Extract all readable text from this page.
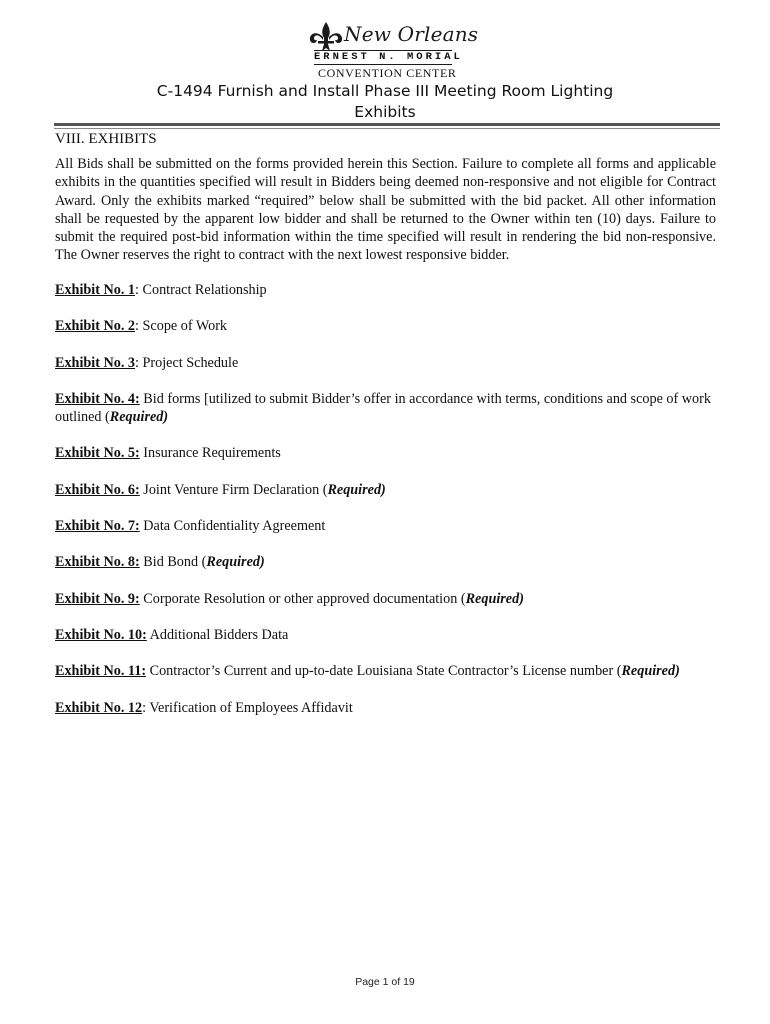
New Orleans
ERNEST N. MORIAL
CONVENTION CENTER
C-1494 Furnish and Install Phase III Meeting Room Lighting
Exhibits
VIII. EXHIBITS
All Bids shall be submitted on the forms provided herein this Section. Failure to complete all forms and applicable exhibits in the quantities specified will result in Bidders being deemed non-responsive and not eligible for Contract Award. Only the exhibits marked “required” below shall be submitted with the bid packet. All other information shall be requested by the apparent low bidder and shall be returned to the Owner within ten (10) days. Failure to submit the required post-bid information within the time specified will result in rendering the bid non-responsive. The Owner reserves the right to contract with the next lowest responsive bidder.

Exhibit No. 1: Contract Relationship

Exhibit No. 2: Scope of Work

Exhibit No. 3: Project Schedule

Exhibit No. 4: Bid forms [utilized to submit Bidder’s offer in accordance with terms, conditions and scope of work outlined (Required)

Exhibit No. 5: Insurance Requirements

Exhibit No. 6: Joint Venture Firm Declaration (Required)

Exhibit No. 7: Data Confidentiality Agreement

Exhibit No. 8: Bid Bond (Required)

Exhibit No. 9: Corporate Resolution or other approved documentation (Required)

Exhibit No. 10: Additional Bidders Data

Exhibit No. 11: Contractor’s Current and up-to-date Louisiana State Contractor’s License number (Required)

Exhibit No. 12: Verification of Employees Affidavit

Page 1 of 19
